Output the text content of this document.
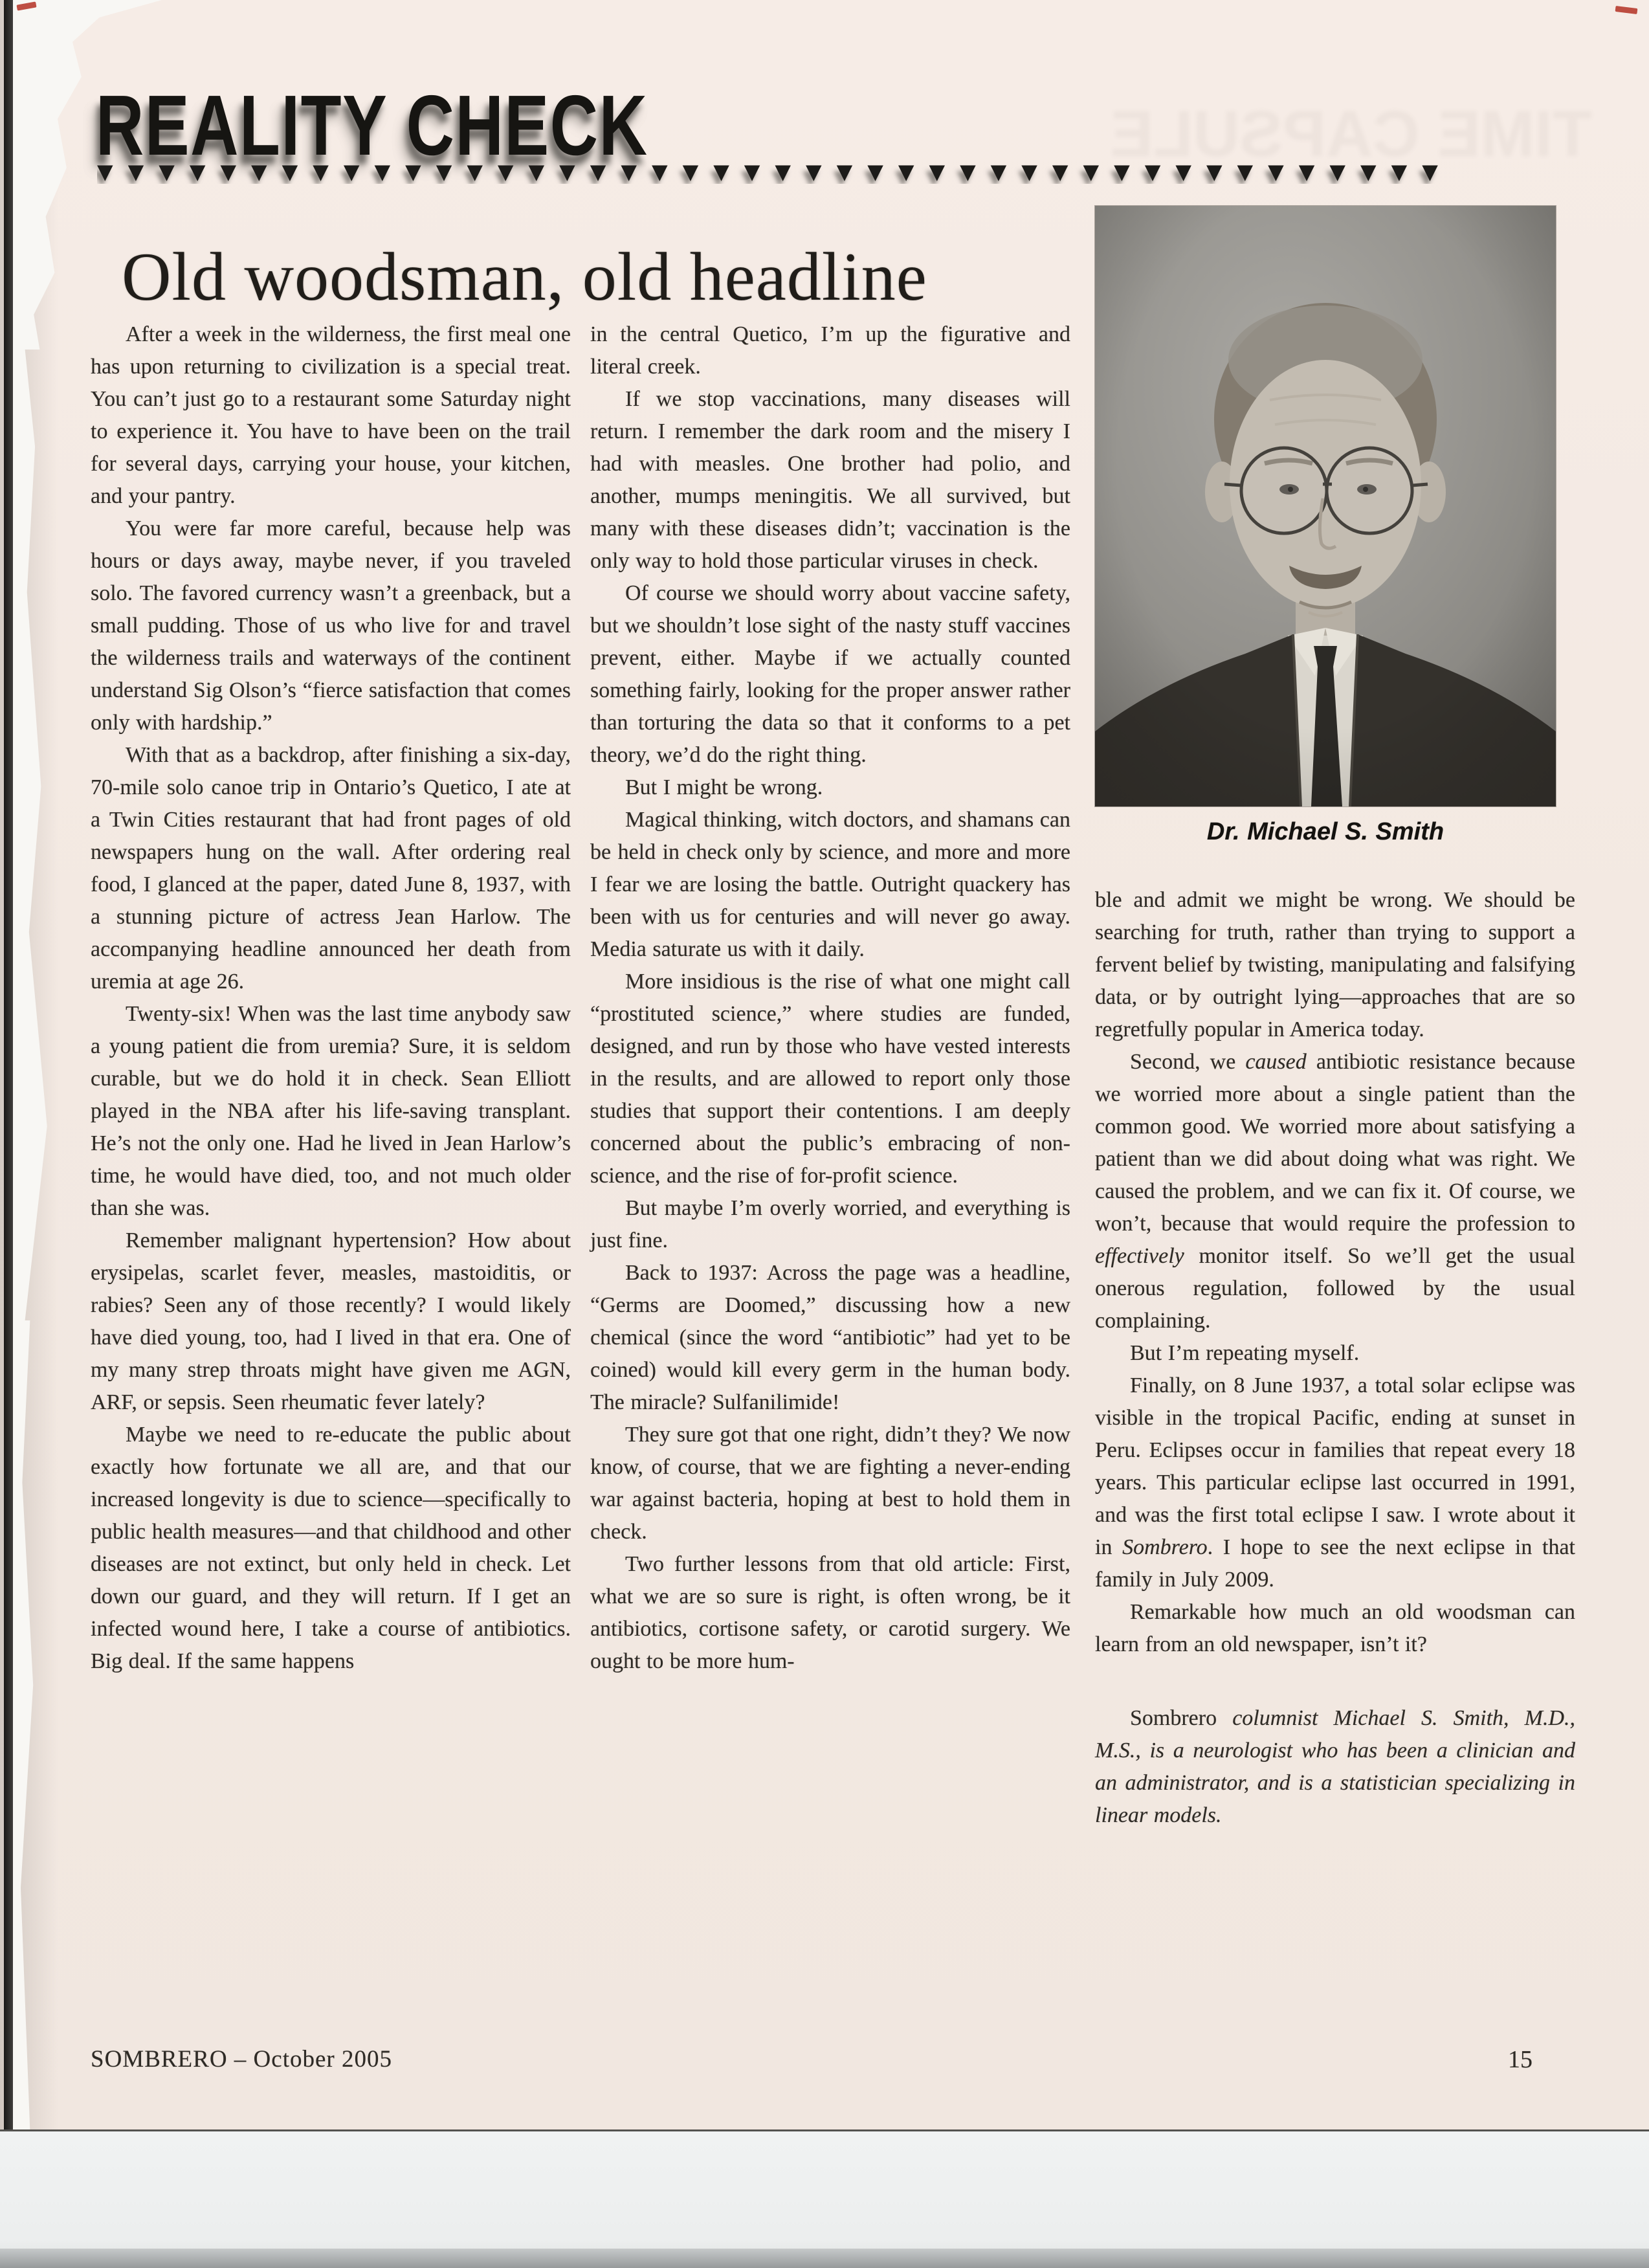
TIME CAPSULE
REALITY CHECK
▼▼▼▼▼▼▼▼▼▼▼▼▼▼▼▼▼▼▼▼▼▼▼▼▼▼▼▼▼▼▼▼▼▼▼▼▼▼▼▼▼▼▼▼
Old woodsman, old headline

After a week in the wilderness, the first meal one has upon returning to civilization is a special treat. You can’t just go to a restaurant some Saturday night to experience it. You have to have been on the trail for several days, carrying your house, your kitchen, and your pantry.

You were far more careful, because help was hours or days away, maybe never, if you traveled solo. The favored currency wasn’t a greenback, but a small pudding. Those of us who live for and travel the wilderness trails and waterways of the continent understand Sig Olson’s “fierce satisfaction that comes only with hardship.”

With that as a backdrop, after finishing a six-day, 70-mile solo canoe trip in Ontario’s Quetico, I ate at a Twin Cities restaurant that had front pages of old newspapers hung on the wall. After ordering real food, I glanced at the paper, dated June 8, 1937, with a stunning picture of actress Jean Harlow. The accompanying headline announced her death from uremia at age 26.

Twenty-six! When was the last time anybody saw a young patient die from uremia? Sure, it is seldom curable, but we do hold it in check. Sean Elliott played in the NBA after his life-saving transplant. He’s not the only one. Had he lived in Jean Harlow’s time, he would have died, too, and not much older than she was.

Remember malignant hypertension? How about erysipelas, scarlet fever, measles, mastoiditis, or rabies? Seen any of those recently? I would likely have died young, too, had I lived in that era. One of my many strep throats might have given me AGN, ARF, or sepsis. Seen rheumatic fever lately?

Maybe we need to re-educate the public about exactly how fortunate we all are, and that our increased longevity is due to science—specifically to public health measures—and that childhood and other diseases are not extinct, but only held in check. Let down our guard, and they will return. If I get an infected wound here, I take a course of antibiotics. Big deal. If the same happens

in the central Quetico, I’m up the figurative and literal creek.

If we stop vaccinations, many diseases will return. I remember the dark room and the misery I had with measles. One brother had polio, and another, mumps meningitis. We all survived, but many with these diseases didn’t; vaccination is the only way to hold those particular viruses in check.

Of course we should worry about vaccine safety, but we shouldn’t lose sight of the nasty stuff vaccines prevent, either. Maybe if we actually counted something fairly, looking for the proper answer rather than torturing the data so that it conforms to a pet theory, we’d do the right thing.

But I might be wrong.

Magical thinking, witch doctors, and shamans can be held in check only by science, and more and more I fear we are losing the battle. Outright quackery has been with us for centuries and will never go away. Media saturate us with it daily.

More insidious is the rise of what one might call “prostituted science,” where studies are funded, designed, and run by those who have vested interests in the results, and are allowed to report only those studies that support their contentions. I am deeply concerned about the public’s embracing of non-science, and the rise of for-profit science.

But maybe I’m overly worried, and everything is just fine.

Back to 1937: Across the page was a headline, “Germs are Doomed,” discussing how a new chemical (since the word “antibiotic” had yet to be coined) would kill every germ in the human body. The miracle? Sulfanilimide!

They sure got that one right, didn’t they? We now know, of course, that we are fighting a never-ending war against bacteria, hoping at best to hold them in check.

Two further lessons from that old article: First, what we are so sure is right, is often wrong, be it antibiotics, cortisone safety, or carotid surgery. We ought to be more hum-

Dr. Michael S. Smith

ble and admit we might be wrong. We should be searching for truth, rather than trying to support a fervent belief by twisting, manipulating and falsifying data, or by outright lying—approaches that are so regretfully popular in America today.

Second, we caused antibiotic resistance because we worried more about a single patient than the common good. We worried more about satisfying a patient than we did about doing what was right. We caused the problem, and we can fix it. Of course, we won’t, because that would require the profession to effectively monitor itself. So we’ll get the usual onerous regulation, followed by the usual complaining.

But I’m repeating myself.

Finally, on 8 June 1937, a total solar eclipse was visible in the tropical Pacific, ending at sunset in Peru. Eclipses occur in families that repeat every 18 years. This particular eclipse last occurred in 1991, and was the first total eclipse I saw. I wrote about it in Sombrero. I hope to see the next eclipse in that family in July 2009.

Remarkable how much an old woodsman can learn from an old newspaper, isn’t it?

Sombrero columnist Michael S. Smith, M.D., M.S., is a neurologist who has been a clinician and an administrator, and is a statistician specializing in linear models.

SOMBRERO – October 2005	15
